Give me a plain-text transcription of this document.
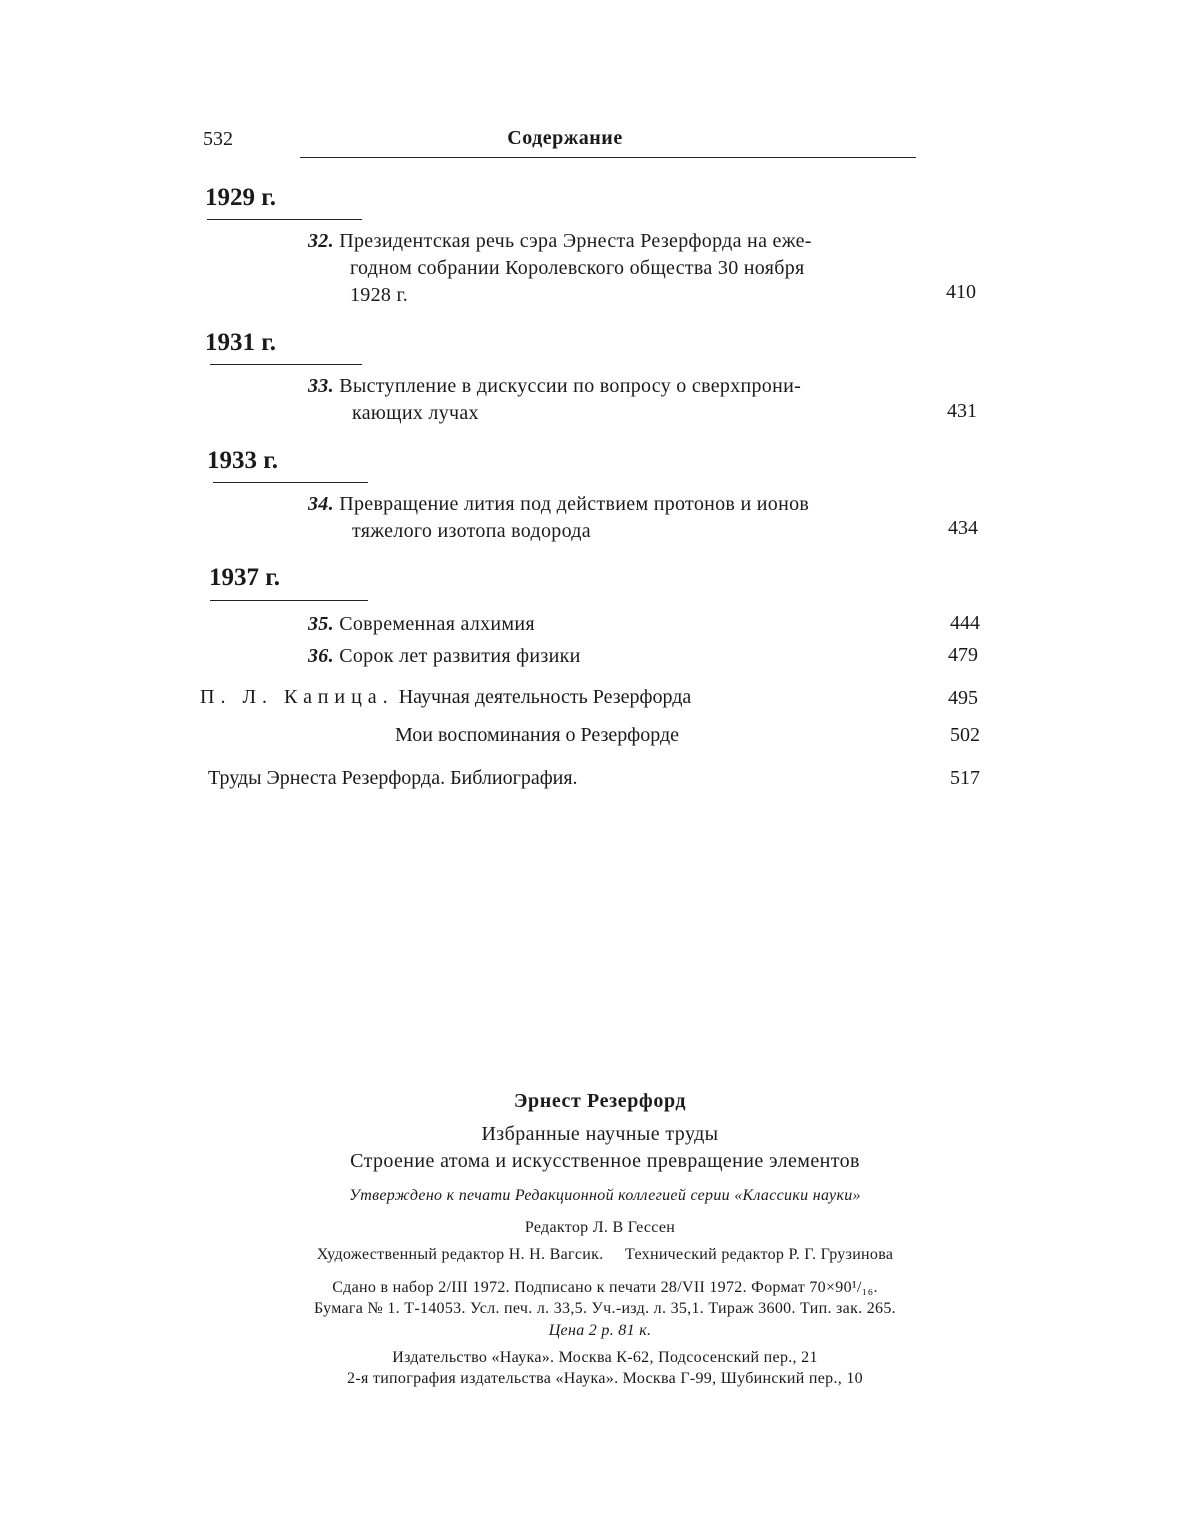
532	Содержание
1929 г.
32. Президентская речь сэра Эрнеста Резерфорда на еже-
годном собрании Королевского общества 30 ноября
1928 г.	410
1931 г.
33. Выступление в дискуссии по вопросу о сверхпрони-
кающих лучах	431
1933 г.
34. Превращение лития под действием протонов и ионов
тяжелого изотопа водорода	434
1937 г.
35. Современная алхимия	444
36. Сорок лет развития физики	479
П. Л. Капица. Научная деятельность Резерфорда	495
Мои воспоминания о Резерфорде	502
Труды Эрнеста Резерфорда. Библиография.	517
Эрнест Резерфорд
Избранные научные труды
Строение атома и искусственное превращение элементов
Утверждено к печати Редакционной коллегией серии «Классики науки»
Редактор Л. В Гессен
Художественный редактор Н. Н. Вагсик. Технический редактор Р. Г. Грузинова
Сдано в набор 2/III 1972. Подписано к печати 28/VII 1972. Формат 70×90¹/₁₆.
Бумага № 1. Т-14053. Усл. печ. л. 33,5. Уч.-изд. л. 35,1. Тираж 3600. Тип. зак. 265.
Цена 2 р. 81 к.
Издательство «Наука». Москва К-62, Подсосенский пер., 21
2-я типография издательства «Наука». Москва Г-99, Шубинский пер., 10
